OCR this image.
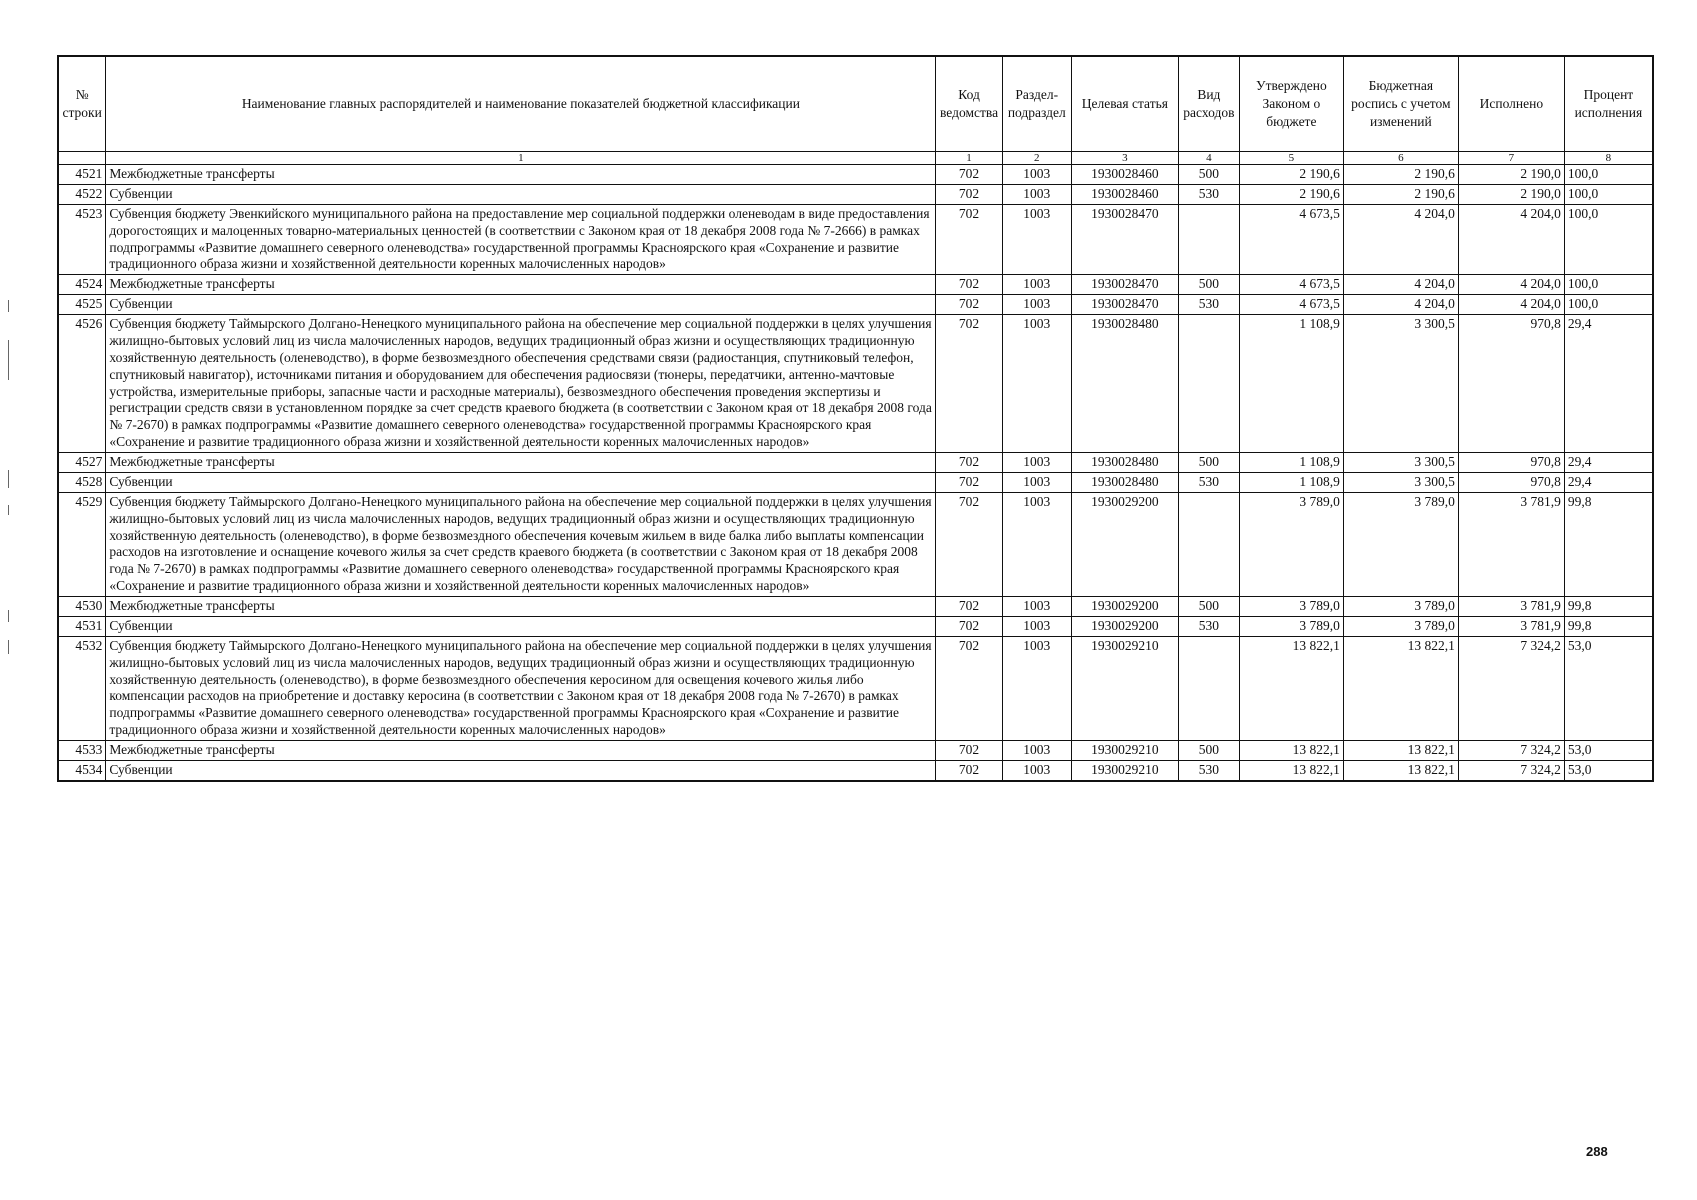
№ строки	Наименование главных распорядителей и наименование показателей бюджетной классификации	Код ведомства	Раздел-подраздел	Целевая статья	Вид расходов	Утверждено Законом о бюджете	Бюджетная роспись с учетом изменений	Исполнено	Процент исполнения
	1	1	2	3	4	5	6	7	8
4521	Межбюджетные трансферты	702	1003	1930028460	500	2 190,6	2 190,6	2 190,0	100,0
4522	Субвенции	702	1003	1930028460	530	2 190,6	2 190,6	2 190,0	100,0
4523	Субвенция бюджету Эвенкийского муниципального района на предоставление мер социальной поддержки оленеводам в виде предоставления дорогостоящих и малоценных товарно-материальных ценностей (в соответствии с Законом края от 18 декабря 2008 года № 7-2666) в рамках подпрограммы «Развитие домашнего северного оленеводства» государственной программы Красноярского края «Сохранение и развитие традиционного образа жизни и хозяйственной деятельности коренных малочисленных народов»	702	1003	1930028470		4 673,5	4 204,0	4 204,0	100,0
4524	Межбюджетные трансферты	702	1003	1930028470	500	4 673,5	4 204,0	4 204,0	100,0
4525	Субвенции	702	1003	1930028470	530	4 673,5	4 204,0	4 204,0	100,0
4526	Субвенция бюджету Таймырского Долгано-Ненецкого муниципального района на обеспечение мер социальной поддержки в целях улучшения жилищно-бытовых условий лиц из числа малочисленных народов, ведущих традиционный образ жизни и осуществляющих традиционную хозяйственную деятельность (оленеводство), в форме безвозмездного обеспечения средствами связи (радиостанция, спутниковый телефон, спутниковый навигатор), источниками питания и оборудованием для обеспечения радиосвязи (тюнеры, передатчики, антенно-мачтовые устройства, измерительные приборы, запасные части и расходные материалы), безвозмездного обеспечения проведения экспертизы и регистрации средств связи в установленном порядке за счет средств краевого бюджета (в соответствии с Законом края от 18 декабря 2008 года № 7-2670) в рамках подпрограммы «Развитие домашнего северного оленеводства» государственной программы Красноярского края «Сохранение и развитие традиционного образа жизни и хозяйственной деятельности коренных малочисленных народов»	702	1003	1930028480		1 108,9	3 300,5	970,8	29,4
4527	Межбюджетные трансферты	702	1003	1930028480	500	1 108,9	3 300,5	970,8	29,4
4528	Субвенции	702	1003	1930028480	530	1 108,9	3 300,5	970,8	29,4
4529	Субвенция бюджету Таймырского Долгано-Ненецкого муниципального района на обеспечение мер социальной поддержки в целях улучшения жилищно-бытовых условий лиц из числа малочисленных народов, ведущих традиционный образ жизни и осуществляющих традиционную хозяйственную деятельность (оленеводство), в форме безвозмездного обеспечения кочевым жильем в виде балка либо выплаты компенсации расходов на изготовление и оснащение кочевого жилья за счет средств краевого бюджета (в соответствии с Законом края от 18 декабря 2008 года № 7-2670) в рамках подпрограммы «Развитие домашнего северного оленеводства» государственной программы Красноярского края «Сохранение и развитие традиционного образа жизни и хозяйственной деятельности коренных малочисленных народов»	702	1003	1930029200		3 789,0	3 789,0	3 781,9	99,8
4530	Межбюджетные трансферты	702	1003	1930029200	500	3 789,0	3 789,0	3 781,9	99,8
4531	Субвенции	702	1003	1930029200	530	3 789,0	3 789,0	3 781,9	99,8
4532	Субвенция бюджету Таймырского Долгано-Ненецкого муниципального района на обеспечение мер социальной поддержки в целях улучшения жилищно-бытовых условий лиц из числа малочисленных народов, ведущих традиционный образ жизни и осуществляющих традиционную хозяйственную деятельность (оленеводство), в форме безвозмездного обеспечения керосином для освещения кочевого жилья либо компенсации расходов на приобретение и доставку керосина (в соответствии с Законом края от 18 декабря 2008 года № 7-2670) в рамках подпрограммы «Развитие домашнего северного оленеводства» государственной программы Красноярского края «Сохранение и развитие традиционного образа жизни и хозяйственной деятельности коренных малочисленных народов»	702	1003	1930029210		13 822,1	13 822,1	7 324,2	53,0
4533	Межбюджетные трансферты	702	1003	1930029210	500	13 822,1	13 822,1	7 324,2	53,0
4534	Субвенции	702	1003	1930029210	530	13 822,1	13 822,1	7 324,2	53,0
288
